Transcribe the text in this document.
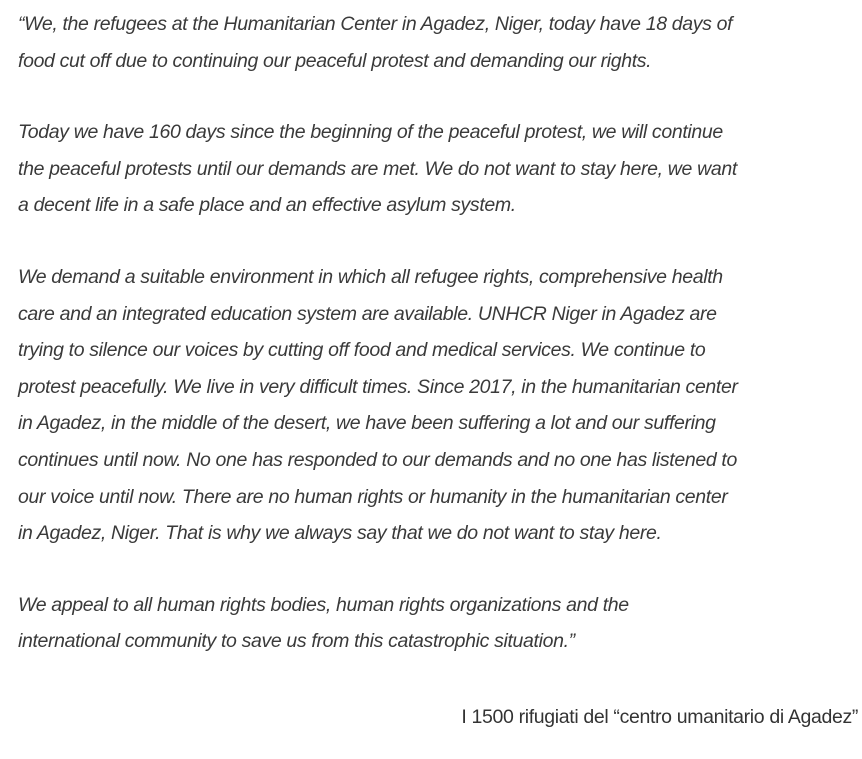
“We, the refugees at the Humanitarian Center in Agadez, Niger, today have 18 days of
food cut off due to continuing our peaceful protest and demanding our rights.

Today we have 160 days since the beginning of the peaceful protest, we will continue
the peaceful protests until our demands are met. We do not want to stay here, we want
a decent life in a safe place and an effective asylum system.

We demand a suitable environment in which all refugee rights, comprehensive health
care and an integrated education system are available. UNHCR Niger in Agadez are
trying to silence our voices by cutting off food and medical services. We continue to
protest peacefully. We live in very difficult times. Since 2017, in the humanitarian center
in Agadez, in the middle of the desert, we have been suffering a lot and our suffering
continues until now. No one has responded to our demands and no one has listened to
our voice until now. There are no human rights or humanity in the humanitarian center
in Agadez, Niger. That is why we always say that we do not want to stay here.

We appeal to all human rights bodies, human rights organizations and the
international community to save us from this catastrophic situation.”

I 1500 rifugiati del “centro umanitario di Agadez”
